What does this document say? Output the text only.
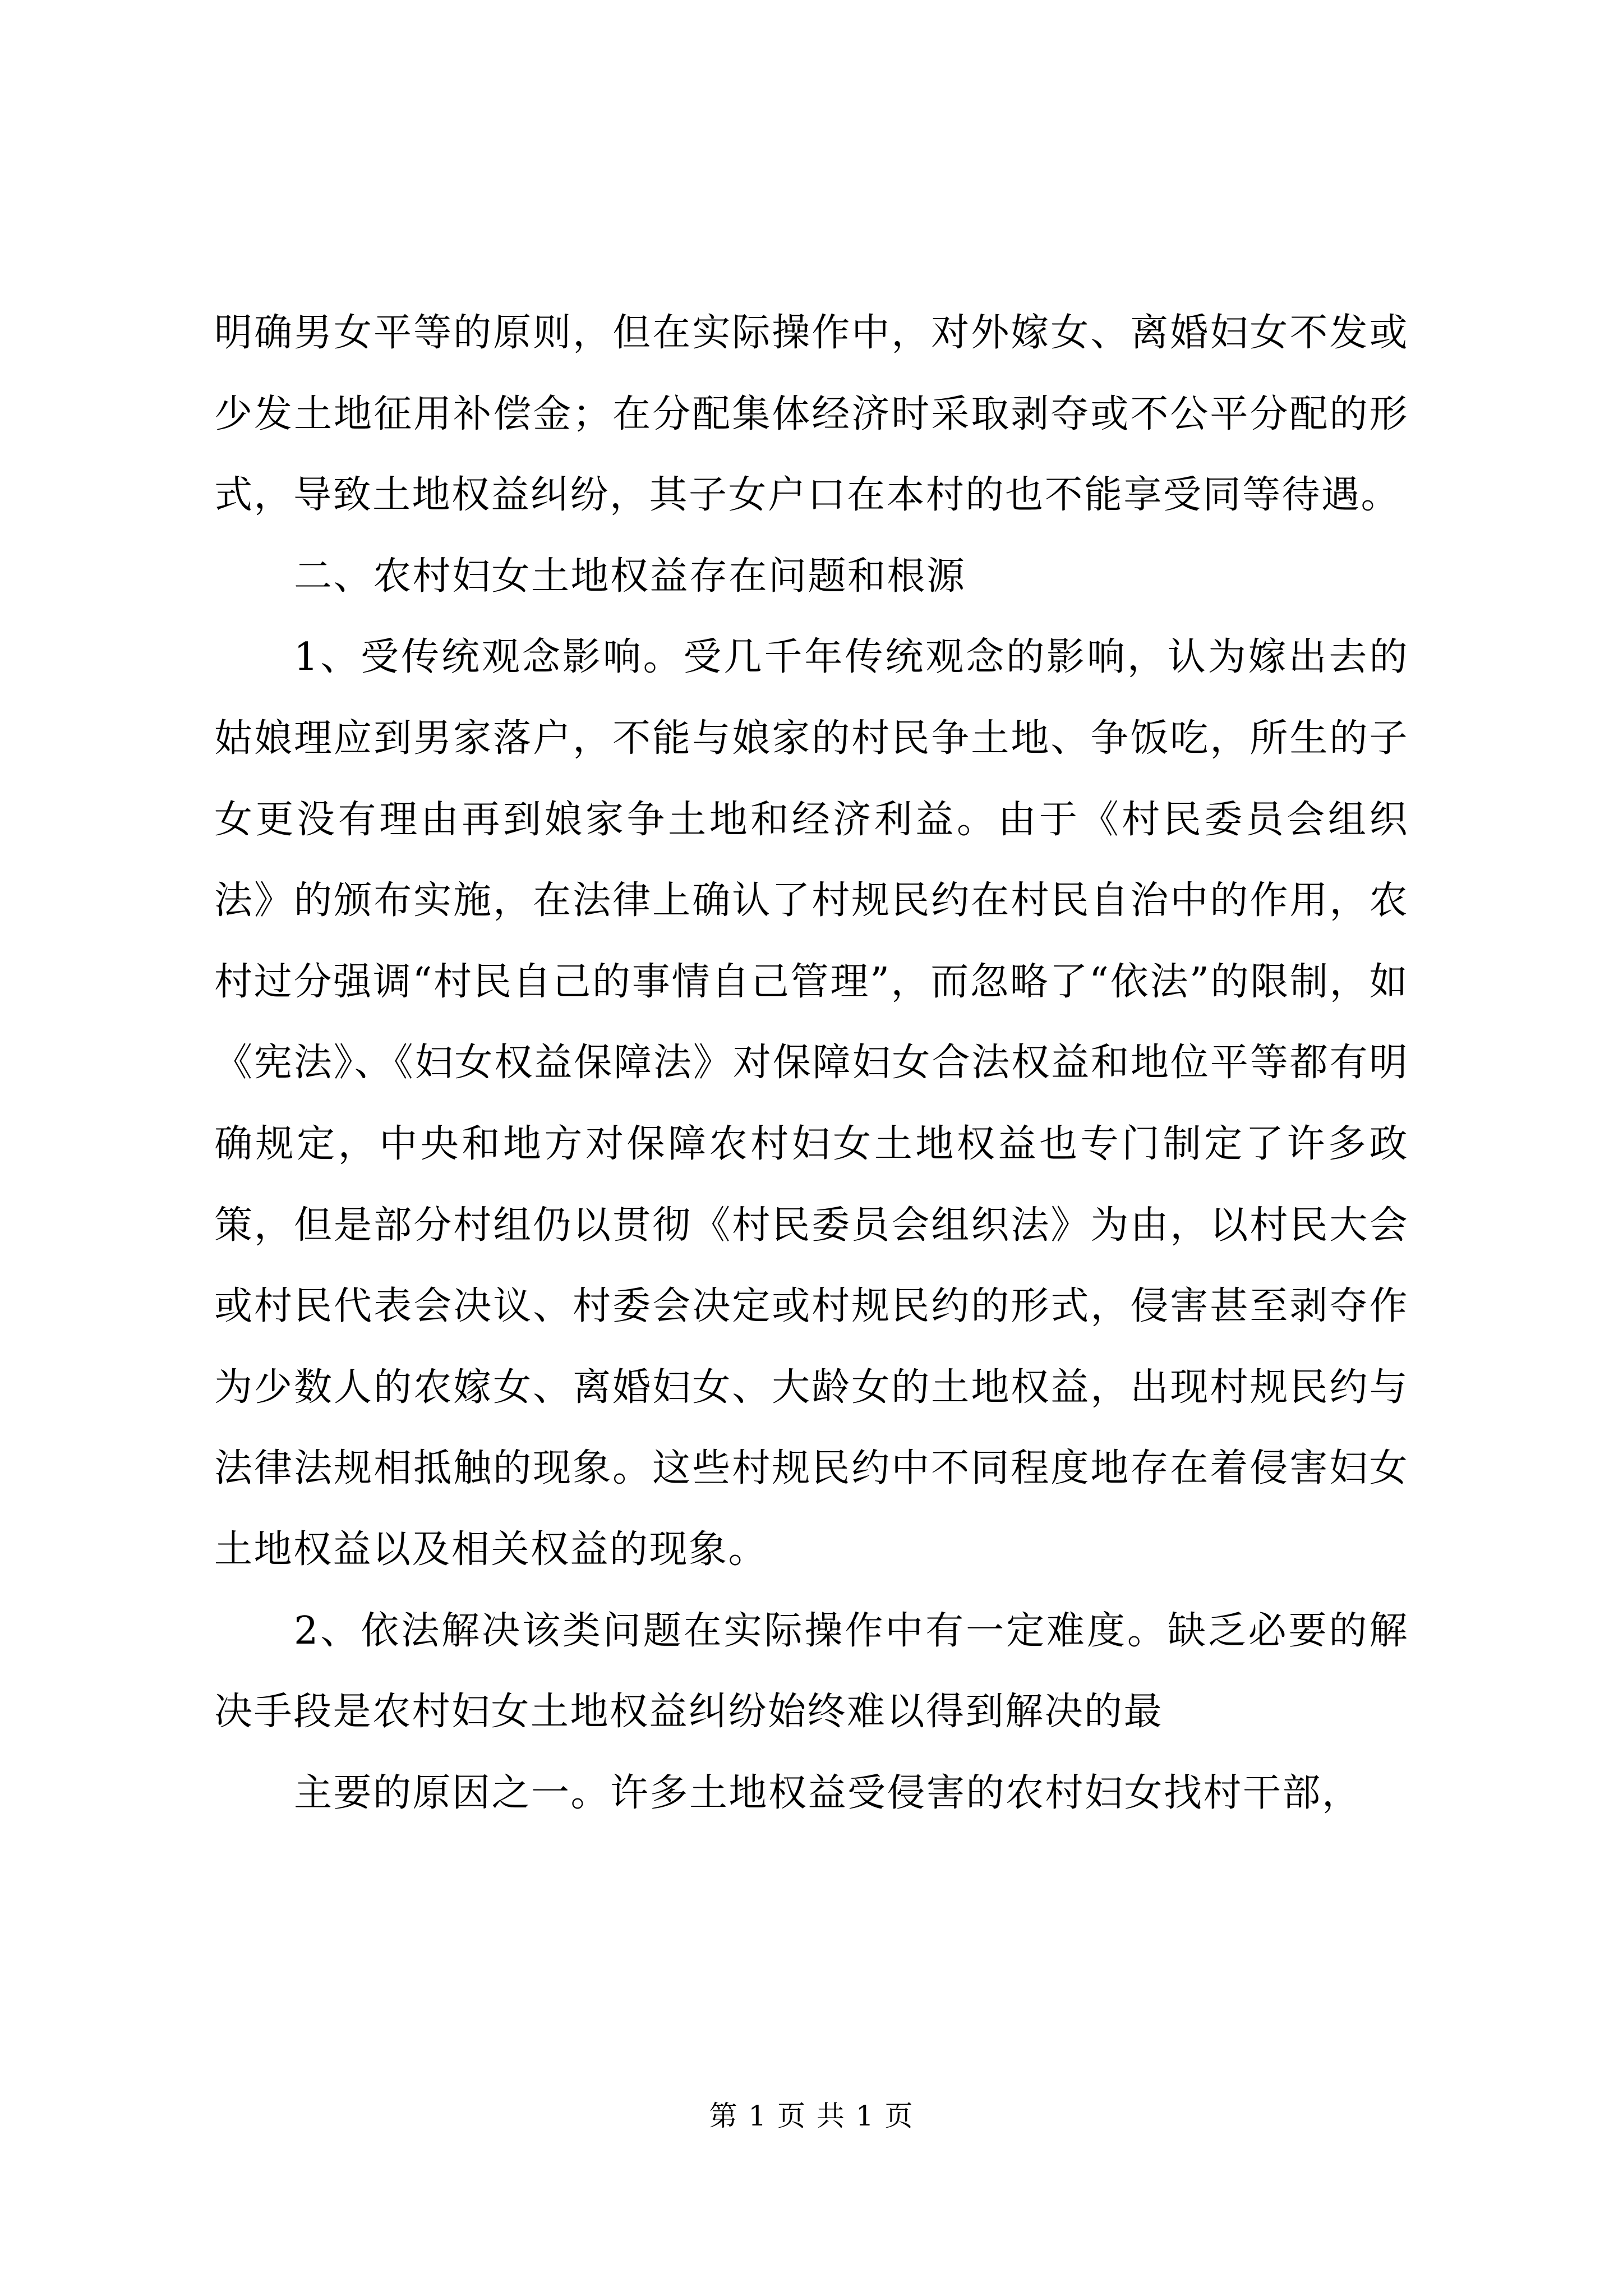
明确男女平等的原则，但在实际操作中，对外嫁女、离婚妇女不发或少发土地征用补偿金；在分配集体经济时采取剥夺或不公平分配的形式，导致土地权益纠纷，其子女户口在本村的也不能享受同等待遇。

二、农村妇女土地权益存在问题和根源

1、受传统观念影响。受几千年传统观念的影响，认为嫁出去的姑娘理应到男家落户，不能与娘家的村民争土地、争饭吃，所生的子女更没有理由再到娘家争土地和经济利益。由于《村民委员会组织法》的颁布实施，在法律上确认了村规民约在村民自治中的作用，农村过分强调“村民自己的事情自己管理”，而忽略了“依法”的限制，如《宪法》、《妇女权益保障法》对保障妇女合法权益和地位平等都有明确规定，中央和地方对保障农村妇女土地权益也专门制定了许多政策，但是部分村组仍以贯彻《村民委员会组织法》为由，以村民大会或村民代表会决议、村委会决定或村规民约的形式，侵害甚至剥夺作为少数人的农嫁女、离婚妇女、大龄女的土地权益，出现村规民约与法律法规相抵触的现象。这些村规民约中不同程度地存在着侵害妇女土地权益以及相关权益的现象。

2、依法解决该类问题在实际操作中有一定难度。缺乏必要的解决手段是农村妇女土地权益纠纷始终难以得到解决的最

主要的原因之一。许多土地权益受侵害的农村妇女找村干部，

第 1 页 共 1 页
